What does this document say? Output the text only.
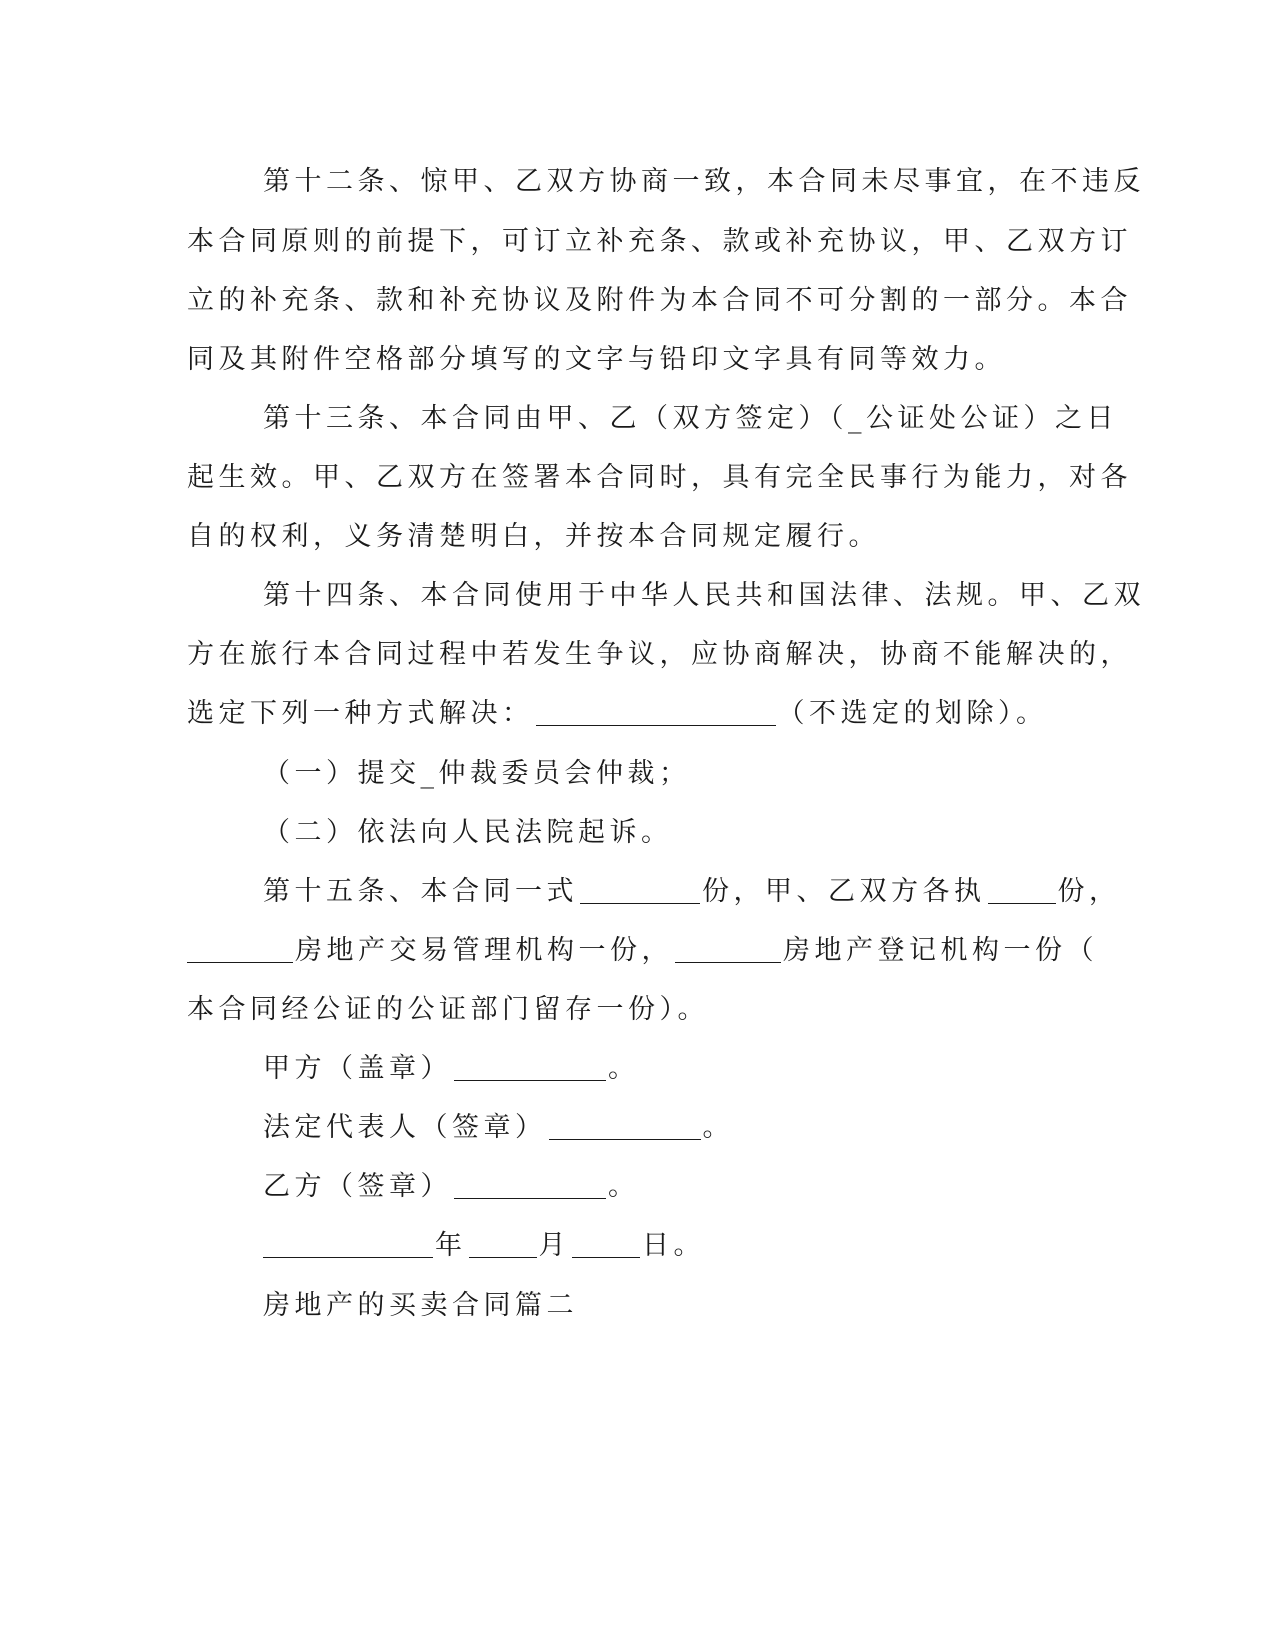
第十二条、惊甲、乙双方协商一致，本合同未尽事宜，在不违反
本合同原则的前提下，可订立补充条、款或补充协议，甲、乙双方订
立的补充条、款和补充协议及附件为本合同不可分割的一部分。本合
同及其附件空格部分填写的文字与铅印文字具有同等效力。
第十三条、本合同由甲、乙（双方签定）（_公证处公证）之日
起生效。甲、乙双方在签署本合同时，具有完全民事行为能力，对各
自的权利，义务清楚明白，并按本合同规定履行。
第十四条、本合同使用于中华人民共和国法律、法规。甲、乙双
方在旅行本合同过程中若发生争议，应协商解决，协商不能解决的，
选定下列一种方式解决：	（不选定的划除）。
（一）提交_仲裁委员会仲裁；
（二）依法向人民法院起诉。
第十五条、本合同一式	份，甲、乙双方各执	份，
房地产交易管理机构一份，	房地产登记机构一份（
本合同经公证的公证部门留存一份）。
甲方（盖章）	。
法定代表人（签章）	。
乙方（签章）	。
年	月	日。
房地产的买卖合同篇二
